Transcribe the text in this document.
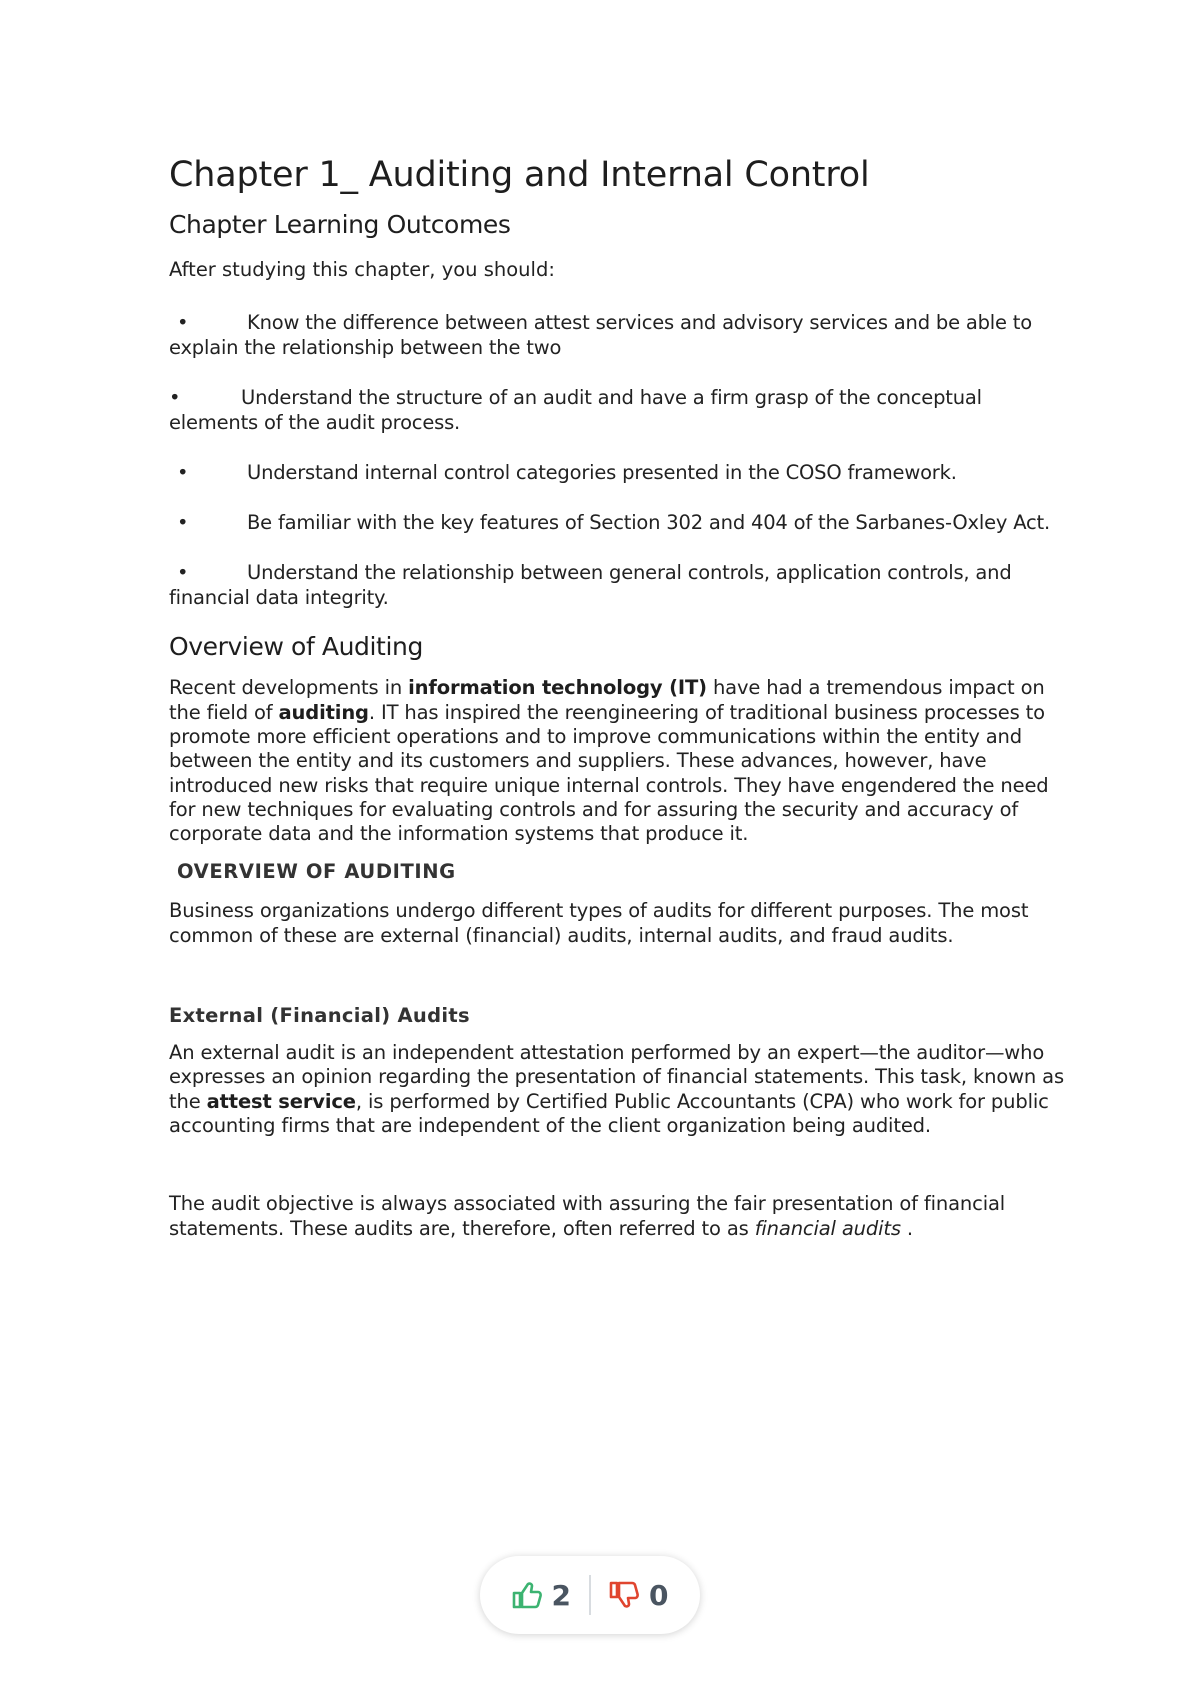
Chapter 1_ Auditing and Internal Control
Chapter Learning Outcomes

After studying this chapter, you should:

•	Know the difference between attest services and advisory services and be able to explain the relationship between the two
•	Understand the structure of an audit and have a firm grasp of the conceptual elements of the audit process.
•	Understand internal control categories presented in the COSO framework.
•	Be familiar with the key features of Section 302 and 404 of the Sarbanes-Oxley Act.
•	Understand the relationship between general controls, application controls, and financial data integrity.
Overview of Auditing

Recent developments in information technology (IT) have had a tremendous impact on the field of auditing. IT has inspired the reengineering of traditional business processes to promote more efficient operations and to improve communications within the entity and between the entity and its customers and suppliers. These advances, however, have introduced new risks that require unique internal controls. They have engendered the need for new techniques for evaluating controls and for assuring the security and accuracy of corporate data and the information systems that produce it.

OVERVIEW OF AUDITING

Business organizations undergo different types of audits for different purposes. The most common of these are external (financial) audits, internal audits, and fraud audits.

External (Financial) Audits

An external audit is an independent attestation performed by an expert—the auditor—who expresses an opinion regarding the presentation of financial statements. This task, known as the attest service, is performed by Certified Public Accountants (CPA) who work for public accounting firms that are independent of the client organization being audited.

The audit objective is always associated with assuring the fair presentation of financial statements. These audits are, therefore, often referred to as financial audits .

2	0
